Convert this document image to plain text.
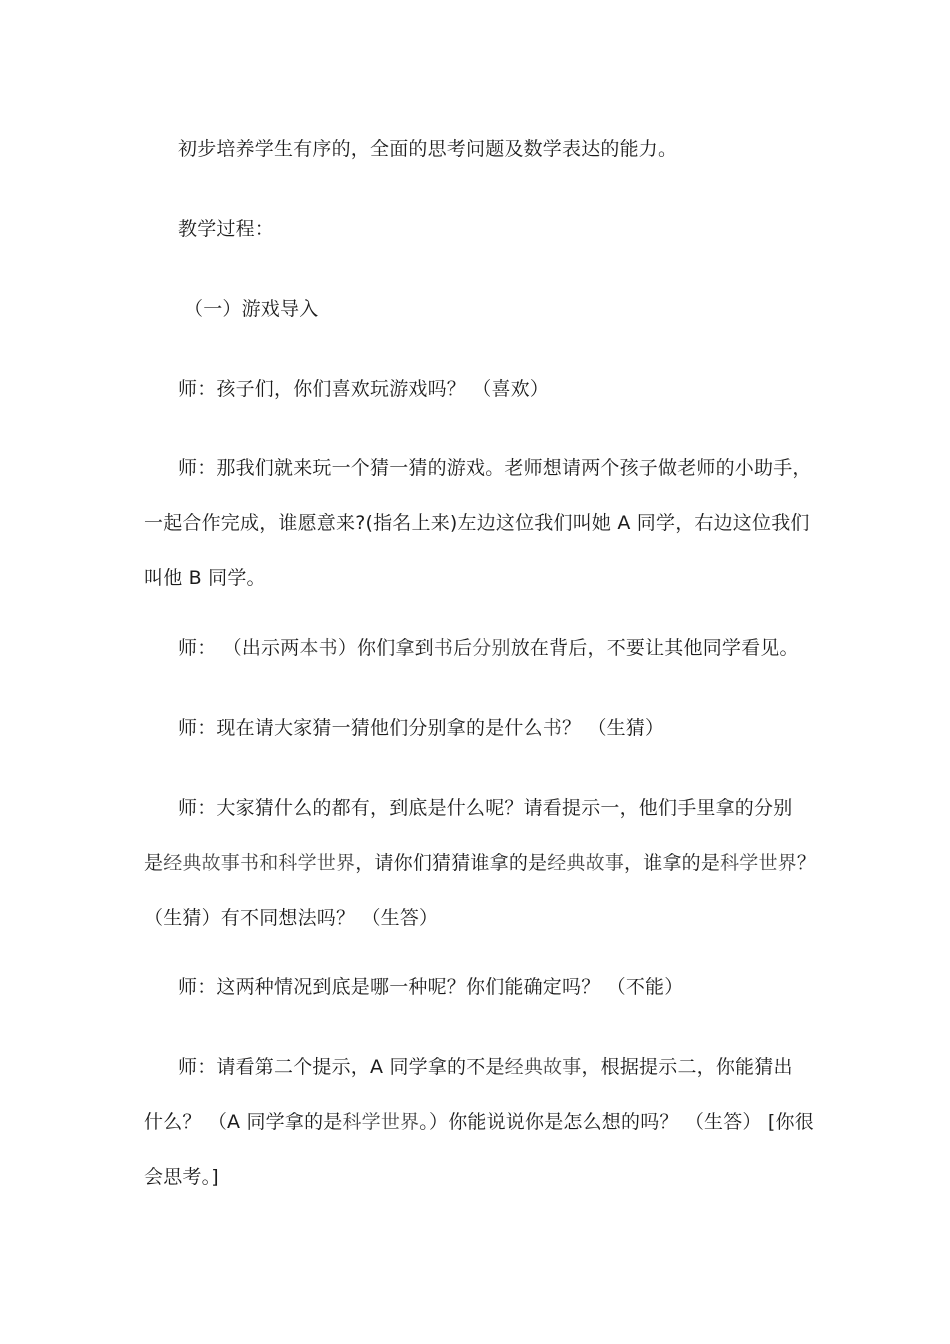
初步培养学生有序的，全面的思考问题及数学表达的能力。

教学过程：

（一）游戏导入

师：孩子们，你们喜欢玩游戏吗？ （喜欢）

师：那我们就来玩一个猜一猜的游戏。老师想请两个孩子做老师的小助手，
一起合作完成，谁愿意来?(指名上来)左边这位我们叫她 A 同学，右边这位我们
叫他 B 同学。

师： （出示两本书）你们拿到书后分别放在背后，不要让其他同学看见。

师：现在请大家猜一猜他们分别拿的是什么书？ （生猜）

师：大家猜什么的都有，到底是什么呢？请看提示一，他们手里拿的分别
是经典故事书和科学世界，请你们猜猜谁拿的是经典故事，谁拿的是科学世界？
（生猜）有不同想法吗？ （生答）

师：这两种情况到底是哪一种呢？你们能确定吗？ （不能）

师：请看第二个提示，A 同学拿的不是经典故事，根据提示二，你能猜出
什么？ （A 同学拿的是科学世界。）你能说说你是怎么想的吗？ （生答） [你很
会思考。]
